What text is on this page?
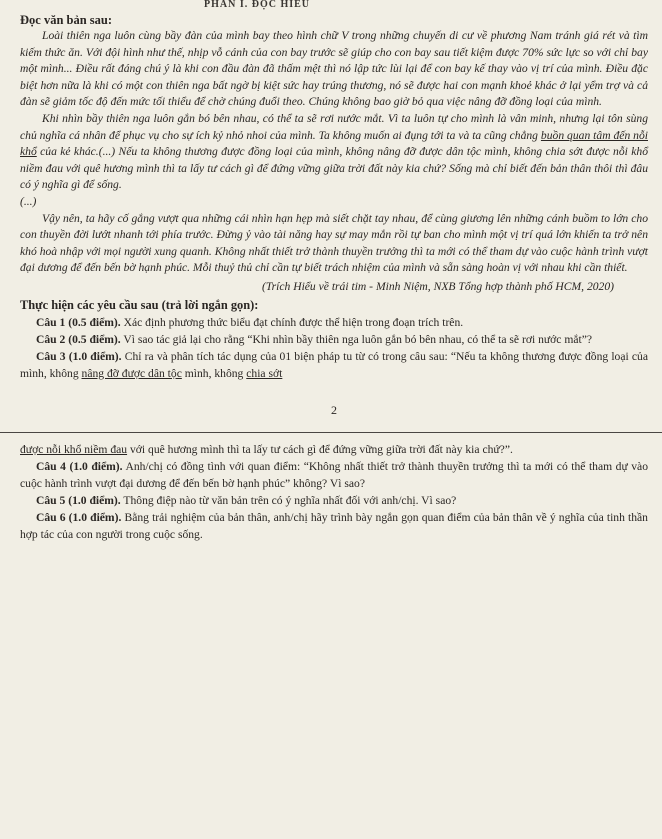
PHẦN I. ĐỌC HIỂU
Đọc văn bản sau:

Loài thiên nga luôn cùng bầy đàn của mình bay theo hình chữ V trong những chuyến di cư về phương Nam tránh giá rét và tìm kiếm thức ăn. Với đội hình như thế, nhịp vỗ cánh của con bay trước sẽ giúp cho con bay sau tiết kiệm được 70% sức lực so với chỉ bay một mình... Điều rất đáng chú ý là khi con đầu đàn đã thấm mệt thì nó lập tức lùi lại để con bay kế thay vào vị trí của mình. Điều đặc biệt hơn nữa là khi có một con thiên nga bất ngờ bị kiệt sức hay trúng thương, nó sẽ được hai con mạnh khoẻ khác ở lại yểm trợ và cả đàn sẽ giảm tốc độ đến mức tối thiểu để chờ chúng đuổi theo. Chúng không bao giờ bỏ qua việc nâng đỡ đồng loại của mình.

Khi nhìn bầy thiên nga luôn gắn bó bên nhau, có thể ta sẽ rơi nước mắt. Vì ta luôn tự cho mình là vân minh, nhưng lại tôn sùng chủ nghĩa cá nhân để phục vụ cho sự ích kỷ nhỏ nhoi của mình. Ta không muốn ai đụng tới ta và ta cũng chẳng buồn quan tâm đến nỗi khổ của kẻ khác.(...) Nếu ta không thương được đồng loại của mình, không nâng đỡ được dân tộc mình, không chia sớt được nỗi khổ niềm đau với quê hương mình thì ta lấy tư cách gì để đứng vững giữa trời đất này kia chứ? Sống mà chỉ biết đến bản thân thôi thì đâu có ý nghĩa gì để sống.

(...)

Vậy nên, ta hãy cố gắng vượt qua những cái nhìn hạn hẹp mà siết chặt tay nhau, để cùng giương lên những cánh buồm to lớn cho con thuyền đời lướt nhanh tới phía trước. Đừng ỷ vào tài năng hay sự may mắn rồi tự ban cho mình một vị trí quá lớn khiến ta trở nên khó hoà nhập với mọi người xung quanh. Không nhất thiết trở thành thuyền trưởng thì ta mới có thể tham dự vào cuộc hành trình vượt đại dương để đến bến bờ hạnh phúc. Mỗi thuỷ thủ chỉ cần tự biết trách nhiệm của mình và sẵn sàng hoàn vị với nhau khi cần thiết.

(Trích Hiểu về trái tim - Minh Niệm, NXB Tổng hợp thành phố HCM, 2020)
Thực hiện các yêu cầu sau (trả lời ngắn gọn):

Câu 1 (0.5 điểm). Xác định phương thức biểu đạt chính được thể hiện trong đoạn trích trên.

Câu 2 (0.5 điểm). Vì sao tác giả lại cho rằng “Khi nhìn bầy thiên nga luôn gắn bó bên nhau, có thể ta sẽ rơi nước mắt”?

Câu 3 (1.0 điểm). Chỉ ra và phân tích tác dụng của 01 biện pháp tu từ có trong câu sau: “Nếu ta không thương được đồng loại của mình, không nâng đỡ được dân tộc mình, không chia sớt

2

được nỗi khổ niềm đau với quê hương mình thì ta lấy tư cách gì để đứng vững giữa trời đất này kia chứ?”.

Câu 4 (1.0 điểm). Anh/chị có đồng tình với quan điểm: “Không nhất thiết trở thành thuyền trưởng thì ta mới có thể tham dự vào cuộc hành trình vượt đại dương để đến bến bờ hạnh phúc” không? Vì sao?

Câu 5 (1.0 điểm). Thông điệp nào từ văn bản trên có ý nghĩa nhất đối với anh/chị. Vì sao?

Câu 6 (1.0 điểm). Bằng trải nghiệm của bản thân, anh/chị hãy trình bày ngắn gọn quan điểm của bản thân về ý nghĩa của tinh thần hợp tác của con người trong cuộc sống.
